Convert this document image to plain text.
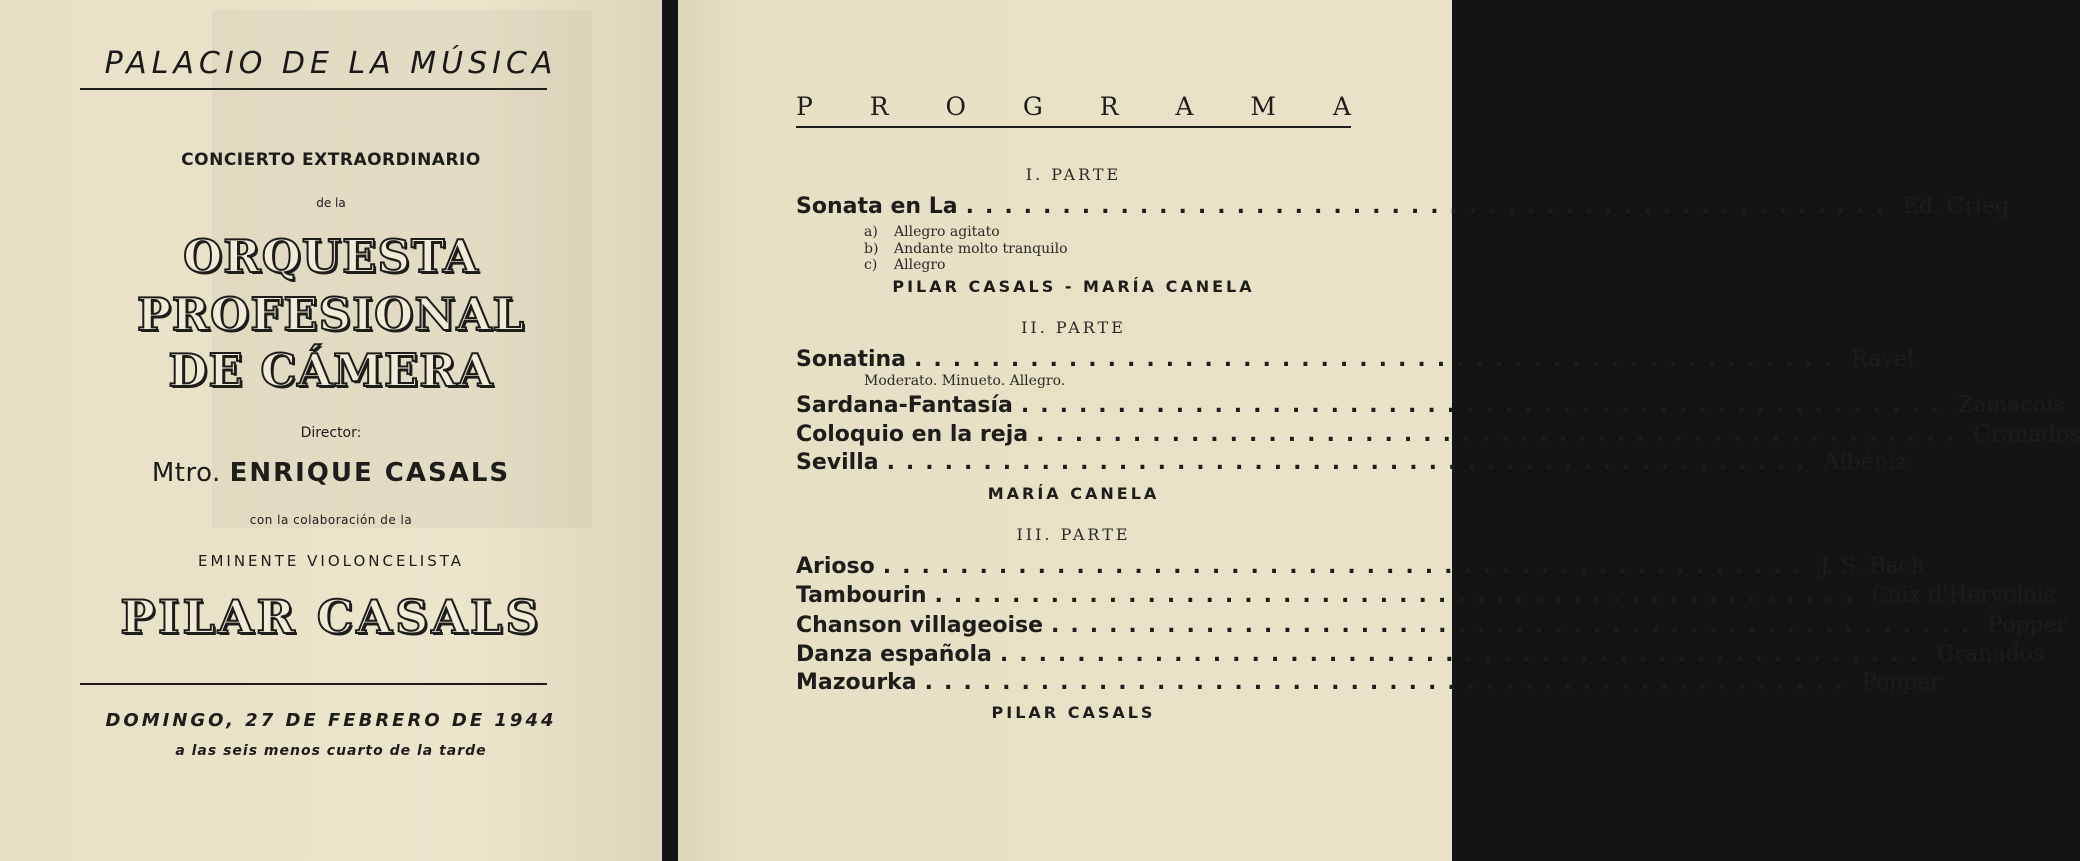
PALACIO DE LA MÚSICA
CONCIERTO EXTRAORDINARIO
de la
ORQUESTA
PROFESIONAL
DE CÁMERA
Director:
Mtro. ENRIQUE CASALS
con la colaboración de la
EMINENTE VIOLONCELISTA
PILAR CASALS
DOMINGO, 27 DE FEBRERO DE 1944
a las seis menos cuarto de la tarde
P R O G R A M A
I. PARTE
Sonata en La ................................................ Ed. Grieg
a) Allegro agitato
b) Andante molto tranquilo
c) Allegro
PILAR CASALS - MARÍA CANELA
II. PARTE
Sonatina ................................................ Ravel
Moderato. Minueto. Allegro.
Sardana-Fantasía ................................................ Zamacois
Coloquio en la reja ................................................ Granados
Sevilla ................................................ Albéniz
MARÍA CANELA
III. PARTE
Arioso ................................................ J. S. Bach
Tambourin ................................................ Caix d'Hervelois
Chanson villageoise ................................................ Popper
Danza española ................................................ Granados
Mazourka ................................................ Popper
PILAR CASALS
